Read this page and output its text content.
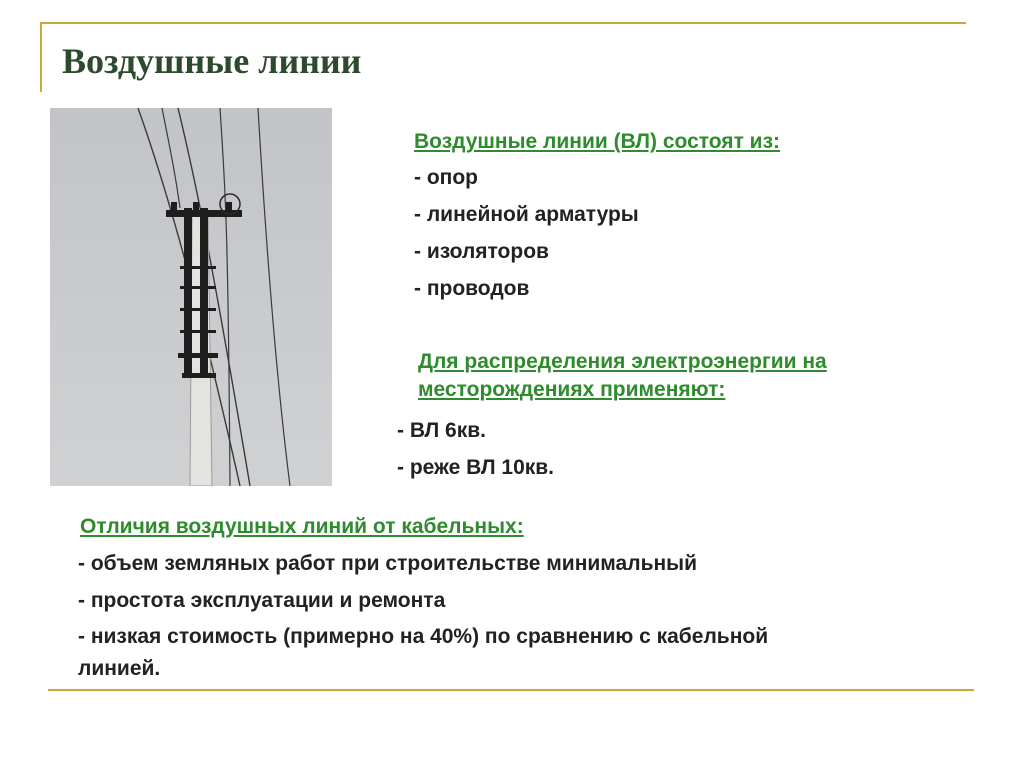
Воздушные линии
Воздушные линии (ВЛ) состоят из:
- опор
- линейной арматуры
- изоляторов
- проводов
Для распределения электроэнергии на
месторождениях применяют:
- ВЛ 6кв.
- реже ВЛ 10кв.
Отличия воздушных линий от кабельных:
- объем земляных работ при строительстве минимальный
- простота эксплуатации и ремонта
- низкая стоимость (примерно на 40%) по сравнению с кабельной
линией.
